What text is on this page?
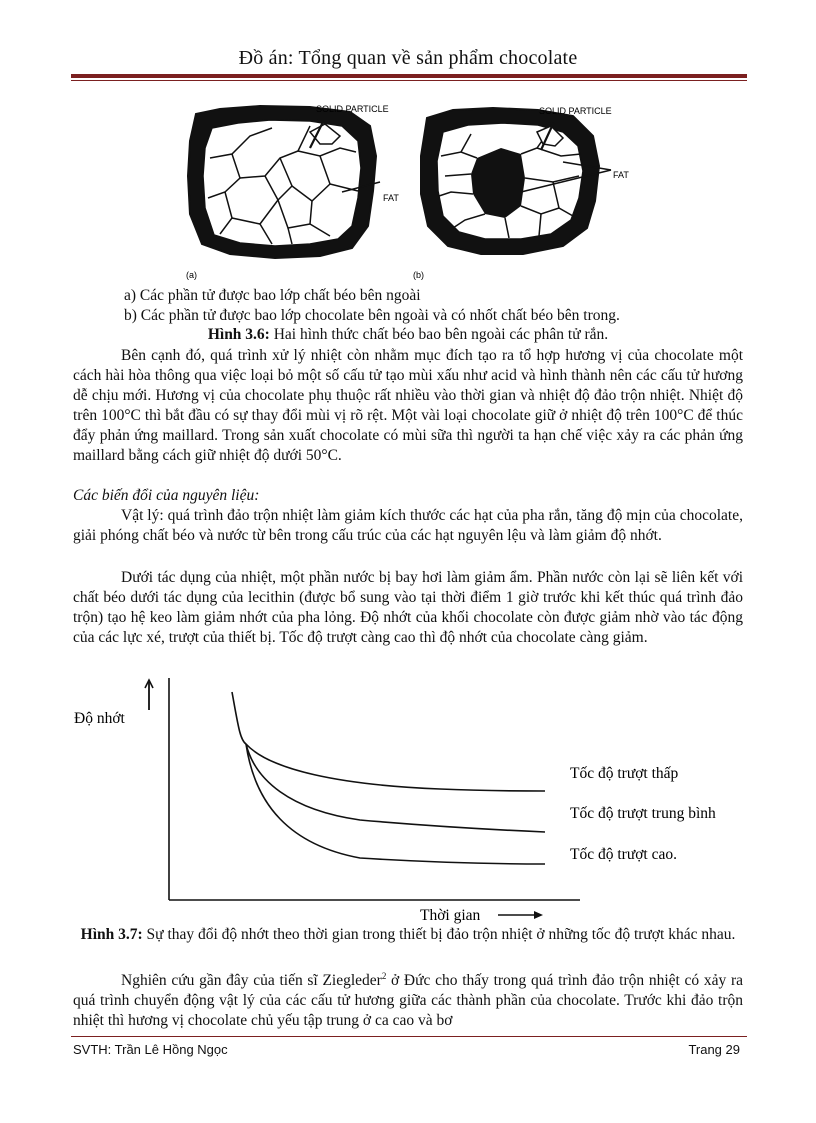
Đồ án: Tổng quan về sản phẩm chocolate
SOLID PARTICLE
FAT
(a)
SOLID PARTICLE
FAT
(b)
a) Các phần tử được bao lớp chất béo bên ngoài
b) Các phần tử được bao lớp chocolate bên ngoài và có nhốt chất béo bên trong.
Hình 3.6: Hai hình thức chất béo bao bên ngoài các phân tử rắn.

Bên cạnh đó, quá trình xử lý nhiệt còn nhằm mục đích tạo ra tổ hợp hương vị của chocolate một cách hài hòa thông qua việc loại bỏ một số cấu tử tạo mùi xấu như acid và hình thành nên các cấu tử hương dễ chịu mới. Hương vị của chocolate phụ thuộc rất nhiều vào thời gian và nhiệt độ đảo trộn nhiệt. Nhiệt độ trên 100°C thì bắt đầu có sự thay đổi mùi vị rõ rệt. Một vài loại chocolate giữ ở nhiệt độ trên 100°C để thúc đẩy phản ứng maillard. Trong sản xuất chocolate có mùi sữa thì người ta hạn chế việc xảy ra các phản ứng maillard bằng cách giữ nhiệt độ dưới 50°C.

Các biến đổi của nguyên liệu:

Vật lý: quá trình đảo trộn nhiệt làm giảm kích thước các hạt của pha rắn, tăng độ mịn của chocolate, giải phóng chất béo và nước từ bên trong cấu trúc của các hạt nguyên lệu và làm giảm độ nhớt.

Dưới tác dụng của nhiệt, một phần nước bị bay hơi làm giảm ẩm. Phần nước còn lại sẽ liên kết với chất béo dưới tác dụng của lecithin (được bổ sung vào tại thời điểm 1 giờ trước khi kết thúc quá trình đảo trộn) tạo hệ keo làm giảm nhớt của pha lỏng. Độ nhớt của khối chocolate còn được giảm nhờ vào tác động của các lực xé, trượt của thiết bị. Tốc độ trượt càng cao thì độ nhớt của chocolate càng giảm.

Độ nhớt
Thời gian
Tốc độ trượt thấp
Tốc độ trượt trung bình
Tốc độ trượt cao.
Hình 3.7: Sự thay đổi độ nhớt theo thời gian trong thiết bị đảo trộn nhiệt ở những tốc độ trượt khác nhau.

Nghiên cứu gần đây của tiến sĩ Ziegleder$^2$ ở Đức cho thấy trong quá trình đảo trộn nhiệt có xảy ra quá trình chuyển động vật lý của các cấu tử hương giữa các thành phần của chocolate. Trước khi đảo trộn nhiệt thì hương vị chocolate chủ yếu tập trung ở ca cao và bơ

SVTH: Trần Lê Hồng Ngọc	Trang 29
